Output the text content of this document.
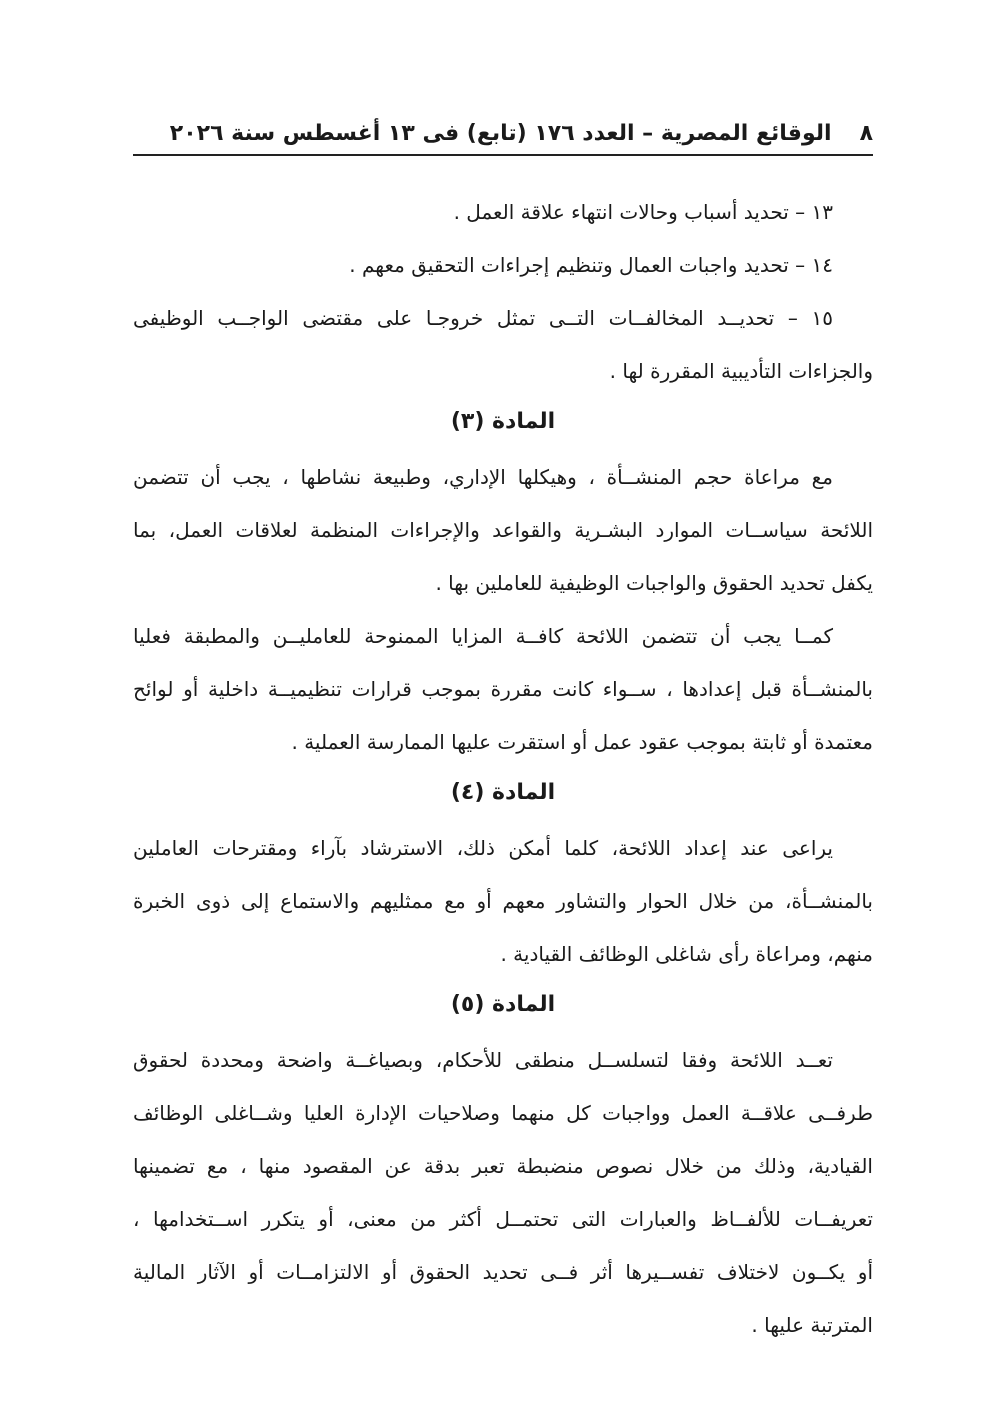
٨
الوقائع المصرية – العدد ١٧٦ (تابع) فى ١٣ أغسطس سنة ٢٠٢٦
١٣ – تحديد أسباب وحالات انتهاء علاقة العمل .
١٤ – تحديد واجبات العمال وتنظيم إجراءات التحقيق معهم .
١٥ – تحديــد المخالفــات التــى تمثل خروجـا على مقتضى الواجــب الوظيفى
والجزاءات التأديبية المقررة لها .
المادة (٣)
مع مراعاة حجم المنشــأة ، وهيكلها الإداري، وطبيعة نشاطها ، يجب أن تتضمن
اللائحة سياســات الموارد البشـرية والقواعد والإجراءات المنظمة لعلاقات العمل، بما
يكفل تحديد الحقوق والواجبات الوظيفية للعاملين بها .
كمــا يجب أن تتضمن اللائحة كافــة المزايا الممنوحة للعامليــن والمطبقة فعليا
بالمنشــأة قبل إعدادها ، ســواء كانت مقررة بموجب قرارات تنظيميــة داخلية أو لوائح
معتمدة أو ثابتة بموجب عقود عمل أو استقرت عليها الممارسة العملية .
المادة (٤)
يراعى عند إعداد اللائحة، كلما أمكن ذلك، الاسترشاد بآراء ومقترحات العاملين
بالمنشــأة، من خلال الحوار والتشاور معهم أو مع ممثليهم والاستماع إلى ذوى الخبرة
منهم، ومراعاة رأى شاغلى الوظائف القيادية .
المادة (٥)
تعــد اللائحة وفقا لتسلســل منطقى للأحكام، وبصياغــة واضحة ومحددة لحقوق
طرفــى علاقــة العمل وواجبات كل منهما وصلاحيات الإدارة العليا وشــاغلى الوظائف
القيادية، وذلك من خلال نصوص منضبطة تعبر بدقة عن المقصود منها ، مع تضمينها
تعريفــات للألفــاظ والعبارات التى تحتمــل أكثر من معنى، أو يتكرر اســتخدامها ،
أو يكــون لاختلاف تفســيرها أثر فــى تحديد الحقوق أو الالتزامــات أو الآثار المالية
المترتبة عليها .
